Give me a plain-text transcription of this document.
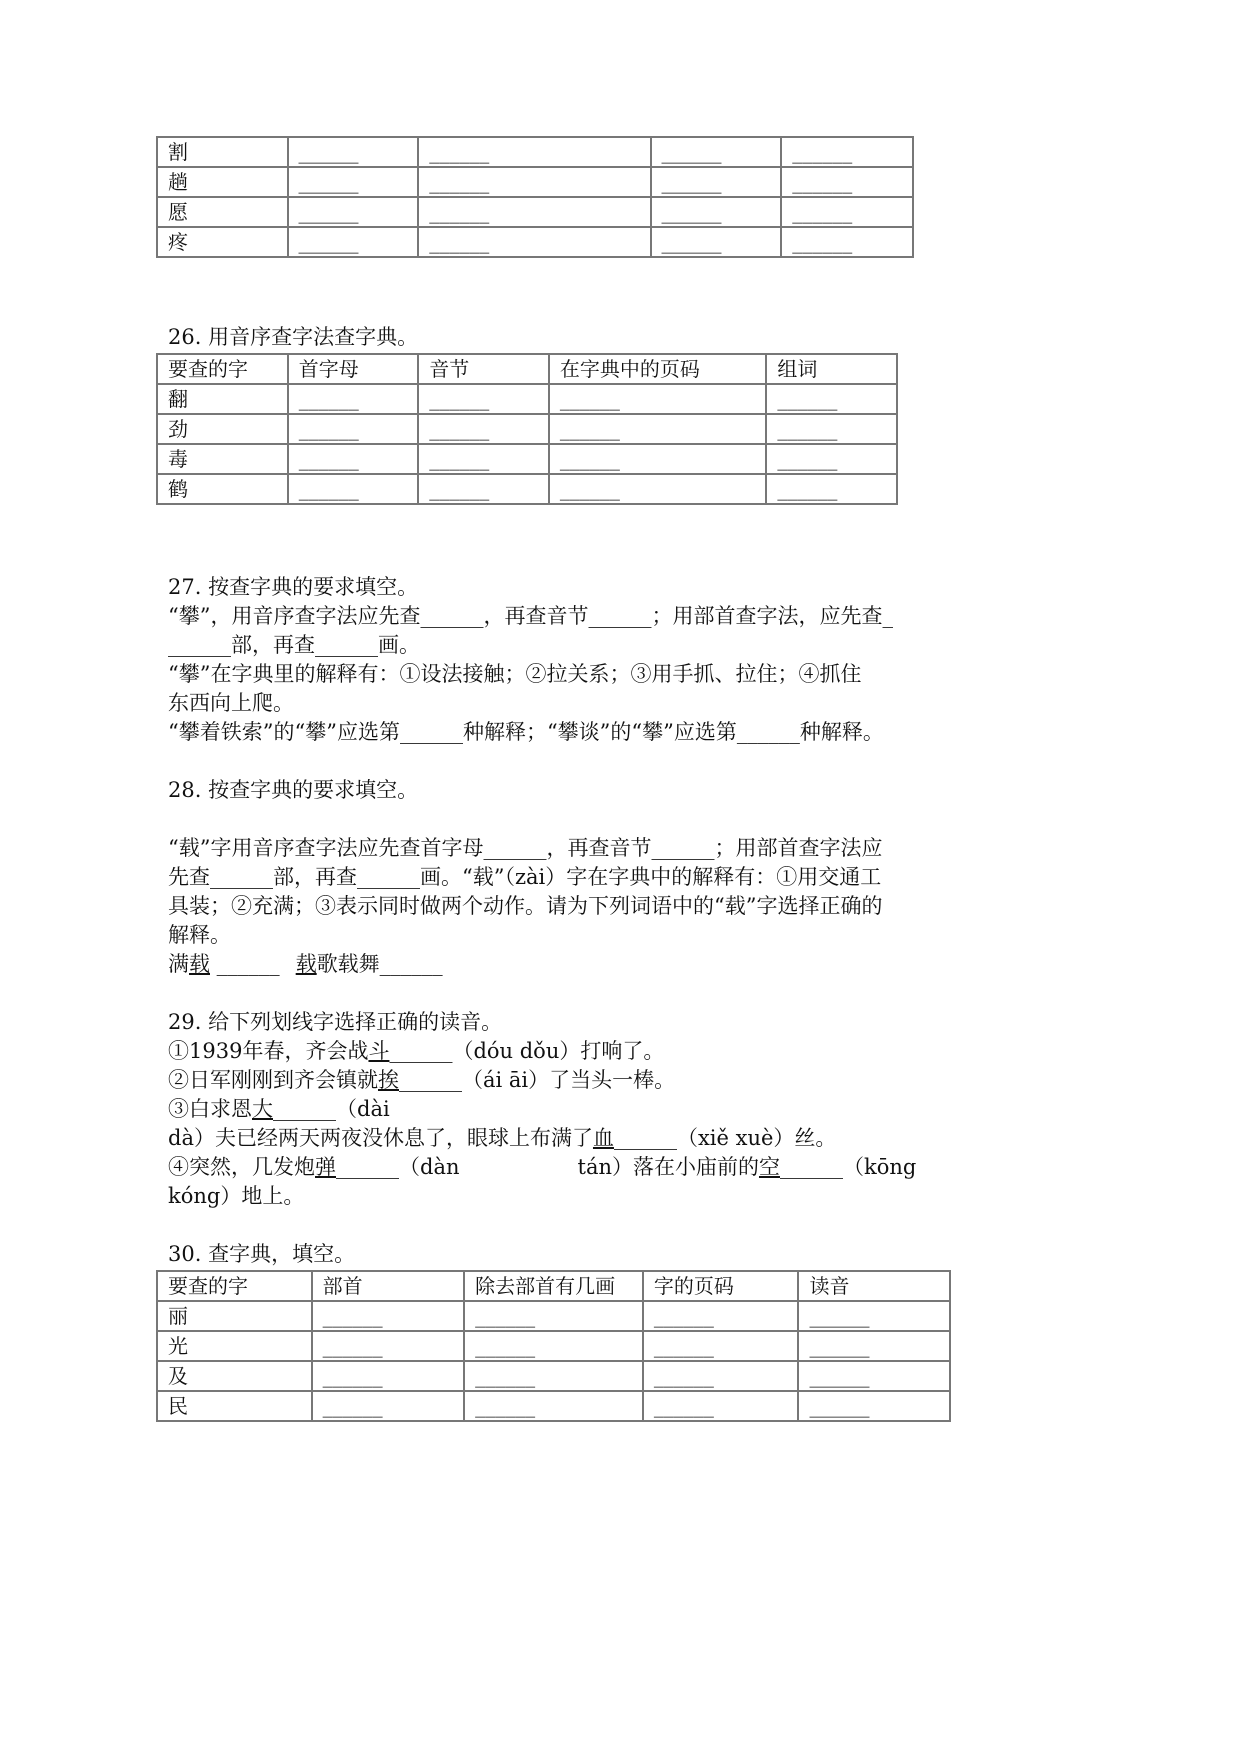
割	______	______	______	______
趟	______	______	______	______
愿	______	______	______	______
疼	______	______	______	______
26. 用音序查字法查字典。
要查的字	首字母	音节	在字典中的页码	组词
翻	______	______	______	______
劲	______	______	______	______
毒	______	______	______	______
鹤	______	______	______	______
27. 按查字典的要求填空。
“攀”，用音序查字法应先查______，再查音节______；用部首查字法，应先查_
______部，再查______画。
“攀”在字典里的解释有：①设法接触；②拉关系；③用手抓、拉住；④抓住
东西向上爬。
“攀着铁索”的“攀”应选第______种解释；“攀谈”的“攀”应选第______种解释。
28. 按查字典的要求填空。
“载”字用音序查字法应先查首字母______，再查音节______；用部首查字法应
先查______部，再查______画。“载”（zài）字在字典中的解释有：①用交通工
具装；②充满；③表示同时做两个动作。请为下列词语中的“载”字选择正确的
解释。
满载 ______ 载歌载舞______
29. 给下列划线字选择正确的读音。
①1939年春，齐会战斗______（dóu dǒu）打响了。
②日军刚刚到齐会镇就挨______（ái āi）了当头一棒。
③白求恩大______（dài
dà）夫已经两天两夜没休息了，眼球上布满了血______（xiě xuè）丝。
④突然，几发炮弹______（dàn	tán）落在小庙前的空______（kōng
kóng）地上。
30. 查字典，填空。
要查的字	部首	除去部首有几画	字的页码	读音
丽	______	______	______	______
光	______	______	______	______
及	______	______	______	______
民	______	______	______	______
